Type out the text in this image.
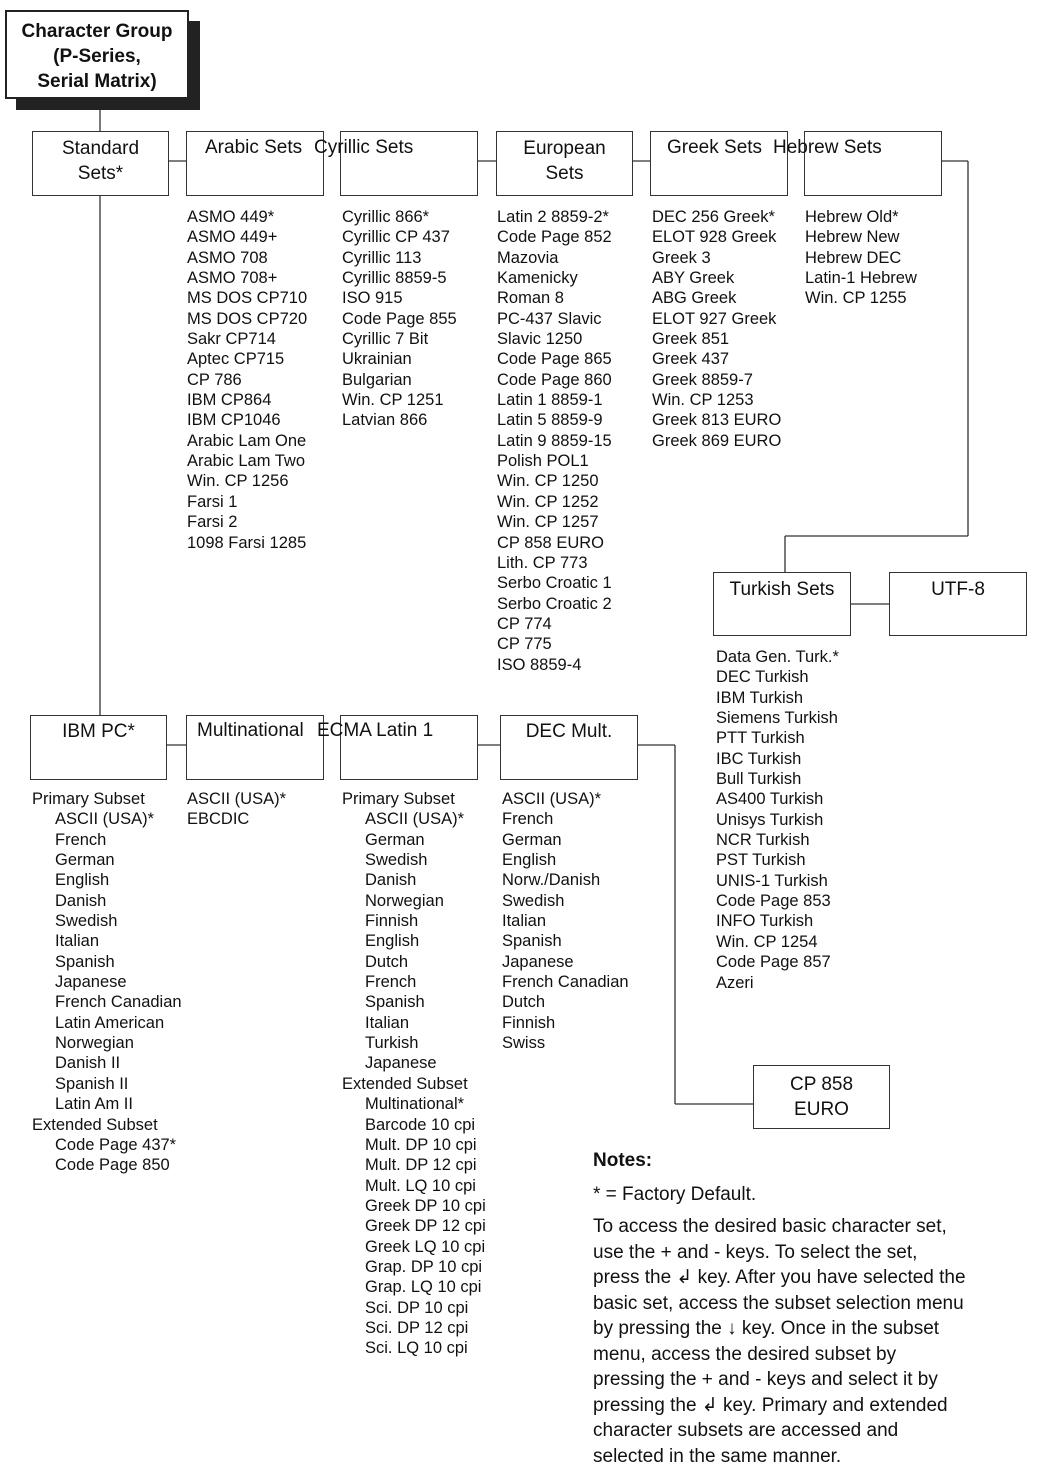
Character Group
(P-Series,
Serial Matrix)
Standard
Sets*
Arabic Sets Cyrillic Sets	European
Sets
Greek Sets Hebrew Sets
Turkish Sets	UTF-8
IBM PC*	Multinational ECMA Latin 1	DEC Mult.
CP 858
EURO
ASMO 449*
ASMO 449+
ASMO 708
ASMO 708+
MS DOS CP710
MS DOS CP720
Sakr CP714
Aptec CP715
CP 786
IBM CP864
IBM CP1046
Arabic Lam One
Arabic Lam Two
Win. CP 1256
Farsi 1
Farsi 2
1098 Farsi 1285
Cyrillic 866*
Cyrillic CP 437
Cyrillic 113
Cyrillic 8859-5
ISO 915
Code Page 855
Cyrillic 7 Bit
Ukrainian
Bulgarian
Win. CP 1251
Latvian 866
Latin 2 8859-2*
Code Page 852
Mazovia
Kamenicky
Roman 8
PC-437 Slavic
Slavic 1250
Code Page 865
Code Page 860
Latin 1 8859-1
Latin 5 8859-9
Latin 9 8859-15
Polish POL1
Win. CP 1250
Win. CP 1252
Win. CP 1257
CP 858 EURO
Lith. CP 773
Serbo Croatic 1
Serbo Croatic 2
CP 774
CP 775
ISO 8859-4
DEC 256 Greek*
ELOT 928 Greek
Greek 3
ABY Greek
ABG Greek
ELOT 927 Greek
Greek 851
Greek 437
Greek 8859-7
Win. CP 1253
Greek 813 EURO
Greek 869 EURO
Hebrew Old*
Hebrew New
Hebrew DEC
Latin-1 Hebrew
Win. CP 1255
Data Gen. Turk.*
DEC Turkish
IBM Turkish
Siemens Turkish
PTT Turkish
IBC Turkish
Bull Turkish
AS400 Turkish
Unisys Turkish
NCR Turkish
PST Turkish
UNIS-1 Turkish
Code Page 853
INFO Turkish
Win. CP 1254
Code Page 857
Azeri
Primary Subset
ASCII (USA)*
French
German
English
Danish
Swedish
Italian
Spanish
Japanese
French Canadian
Latin American
Norwegian
Danish II
Spanish II
Latin Am II
Extended Subset
Code Page 437*
Code Page 850
ASCII (USA)*
EBCDIC
Primary Subset
ASCII (USA)*
German
Swedish
Danish
Norwegian
Finnish
English
Dutch
French
Spanish
Italian
Turkish
Japanese
Extended Subset
Multinational*
Barcode 10 cpi
Mult. DP 10 cpi
Mult. DP 12 cpi
Mult. LQ 10 cpi
Greek DP 10 cpi
Greek DP 12 cpi
Greek LQ 10 cpi
Grap. DP 10 cpi
Grap. LQ 10 cpi
Sci. DP 10 cpi
Sci. DP 12 cpi
Sci. LQ 10 cpi
ASCII (USA)*
French
German
English
Norw./Danish
Swedish
Italian
Spanish
Japanese
French Canadian
Dutch
Finnish
Swiss
Notes:
* = Factory Default.
To access the desired basic character set,
use the + and - keys. To select the set,
press the ↲ key. After you have selected the
basic set, access the subset selection menu
by pressing the ↓ key. Once in the subset
menu, access the desired subset by
pressing the + and - keys and select it by
pressing the ↲ key. Primary and extended
character subsets are accessed and
selected in the same manner.
